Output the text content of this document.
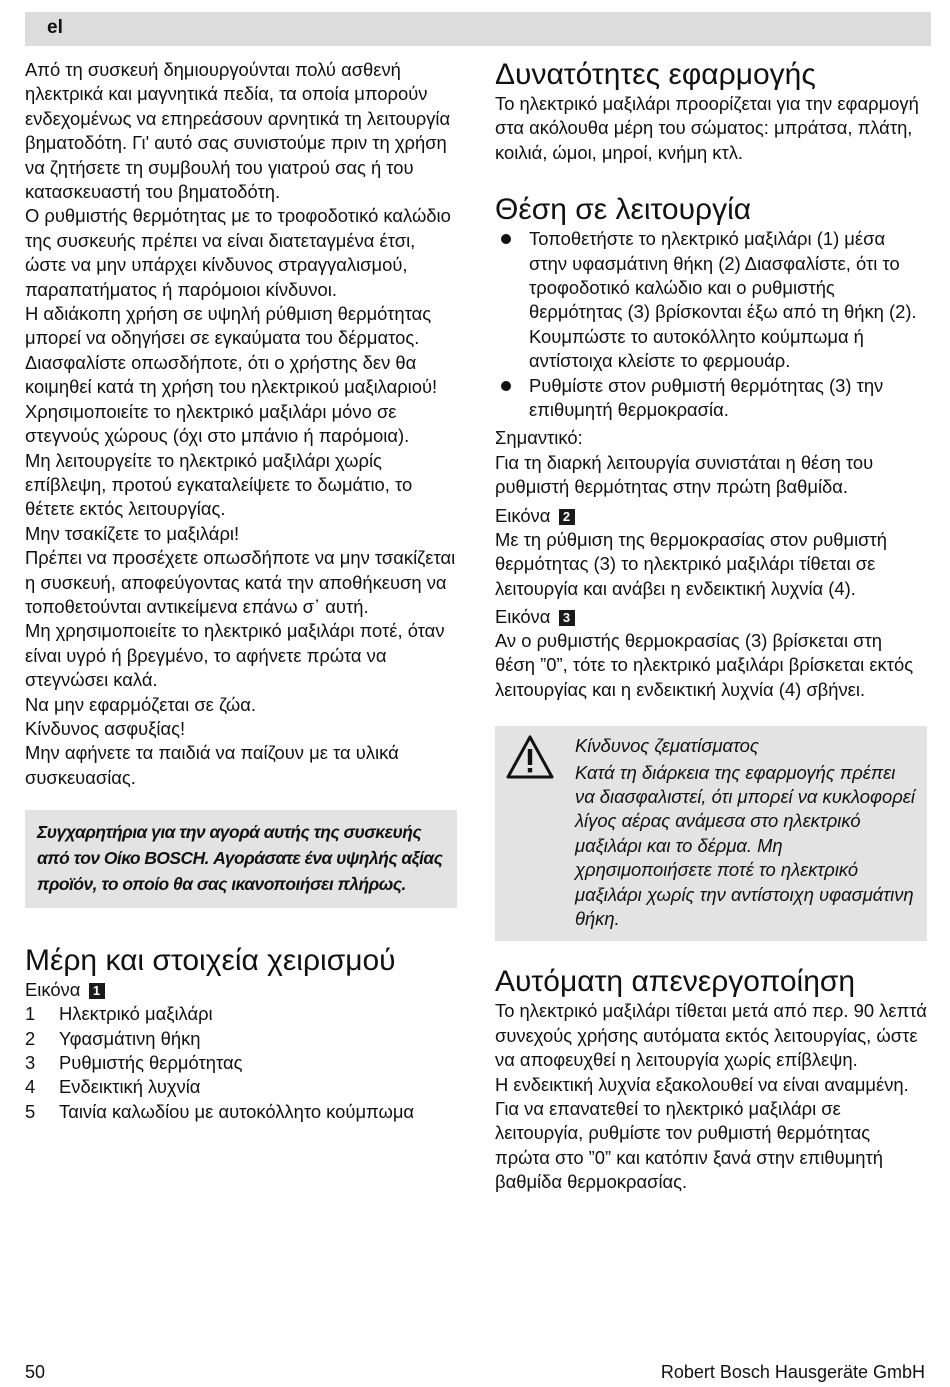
el

Από τη συσκευή δημιουργούνται πολύ ασθενή ηλεκτρικά και μαγνητικά πεδία, τα οποία μπορούν ενδεχομένως να επηρεάσουν αρνητικά τη λειτουργία βηματοδότη. Γι' αυτό σας συνιστούμε πριν τη χρήση να ζητήσετε τη συμβουλή του γιατρού σας ή του κατασκευαστή του βηματοδότη.

Ο ρυθμιστής θερμότητας με το τροφοδοτικό καλώδιο της συσκευής πρέπει να είναι διατεταγμένα έτσι, ώστε να μην υπάρχει κίνδυνος στραγγαλισμού, παραπατήματος ή παρόμοιοι κίνδυνοι.

Η αδιάκοπη χρήση σε υψηλή ρύθμιση θερμότητας μπορεί να οδηγήσει σε εγκαύματα του δέρματος.

Διασφαλίστε οπωσδήποτε, ότι ο χρήστης δεν θα κοιμηθεί κατά τη χρήση του ηλεκτρικού μαξιλαριού!

Χρησιμοποιείτε το ηλεκτρικό μαξιλάρι μόνο σε στεγνούς χώρους (όχι στο μπάνιο ή παρόμοια).

Μη λειτουργείτε το ηλεκτρικό μαξιλάρι χωρίς επίβλεψη, προτού εγκαταλείψετε το δωμάτιο, το θέτετε εκτός λειτουργίας.

Μην τσακίζετε το μαξιλάρι!

Πρέπει να προσέχετε οπωσδήποτε να μην τσακίζεται η συσκευή, αποφεύγοντας κατά την αποθήκευση να τοποθετούνται αντικείμενα επάνω σ᾽ αυτή.

Μη χρησιμοποιείτε το ηλεκτρικό μαξιλάρι ποτέ, όταν είναι υγρό ή βρεγμένο, το αφήνετε πρώτα να στεγνώσει καλά.

Να μην εφαρμόζεται σε ζώα.

Κίνδυνος ασφυξίας!

Μην αφήνετε τα παιδιά να παίζουν με τα υλικά συσκευασίας.

Συγχαρητήρια για την αγορά αυτής της συσκευής από τον Οίκο BOSCH. Αγοράσατε ένα υψηλής αξίας προϊόν, το οποίο θα σας ικανοποιήσει πλήρως.

Μέρη και στοιχεία χειρισμού

Εικόνα 1

1	Ηλεκτρικό μαξιλάρι
2	Υφασμάτινη θήκη
3	Ρυθμιστής θερμότητας
4	Ενδεικτική λυχνία
5	Ταινία καλωδίου με αυτοκόλλητο κούμπωμα
Δυνατότητες εφαρμογής

Το ηλεκτρικό μαξιλάρι προορίζεται για την εφαρμογή στα ακόλουθα μέρη του σώματος: μπράτσα, πλάτη, κοιλιά, ώμοι, μηροί, κνήμη κτλ.

Θέση σε λειτουργία
Τοποθετήστε το ηλεκτρικό μαξιλάρι (1) μέσα στην υφασμάτινη θήκη (2) Διασφαλίστε, ότι το τροφοδοτικό καλώδιο και ο ρυθμιστής θερμότητας (3) βρίσκονται έξω από τη θήκη (2).
Κουμπώστε το αυτοκόλλητο κούμπωμα ή αντίστοιχα κλείστε το φερμουάρ.
Ρυθμίστε στον ρυθμιστή θερμότητας (3) την επιθυμητή θερμοκρασία.

Σημαντικό:

Για τη διαρκή λειτουργία συνιστάται η θέση του ρυθμιστή θερμότητας στην πρώτη βαθμίδα.

Εικόνα 2

Με τη ρύθμιση της θερμοκρασίας στον ρυθμιστή θερμότητας (3) το ηλεκτρικό μαξιλάρι τίθεται σε λειτουργία και ανάβει η ενδεικτική λυχνία (4).

Εικόνα 3

Αν ο ρυθμιστής θερμοκρασίας (3) βρίσκεται στη θέση ”0”, τότε το ηλεκτρικό μαξιλάρι βρίσκεται εκτός λειτουργίας και η ενδεικτική λυχνία (4) σβήνει.

Κίνδυνος ζεματίσματος

Κατά τη διάρκεια της εφαρμογής πρέπει να διασφαλιστεί, ότι μπορεί να κυκλοφορεί λίγος αέρας ανάμεσα στο ηλεκτρικό μαξιλάρι και το δέρμα. Μη χρησιμοποιήσετε ποτέ το ηλεκτρικό μαξιλάρι χωρίς την αντίστοιχη υφασμάτινη θήκη.

Αυτόματη απενεργοποίηση

Το ηλεκτρικό μαξιλάρι τίθεται μετά από περ. 90 λεπτά συνεχούς χρήσης αυτόματα εκτός λειτουργίας, ώστε να αποφευχθεί η λειτουργία χωρίς επίβλεψη.

Η ενδεικτική λυχνία εξακολουθεί να είναι αναμμένη. Για να επανατεθεί το ηλεκτρικό μαξιλάρι σε λειτουργία, ρυθμίστε τον ρυθμιστή θερμότητας πρώτα στο ”0” και κατόπιν ξανά στην επιθυμητή βαθμίδα θερμοκρασίας.

50	Robert Bosch Hausgeräte GmbH
